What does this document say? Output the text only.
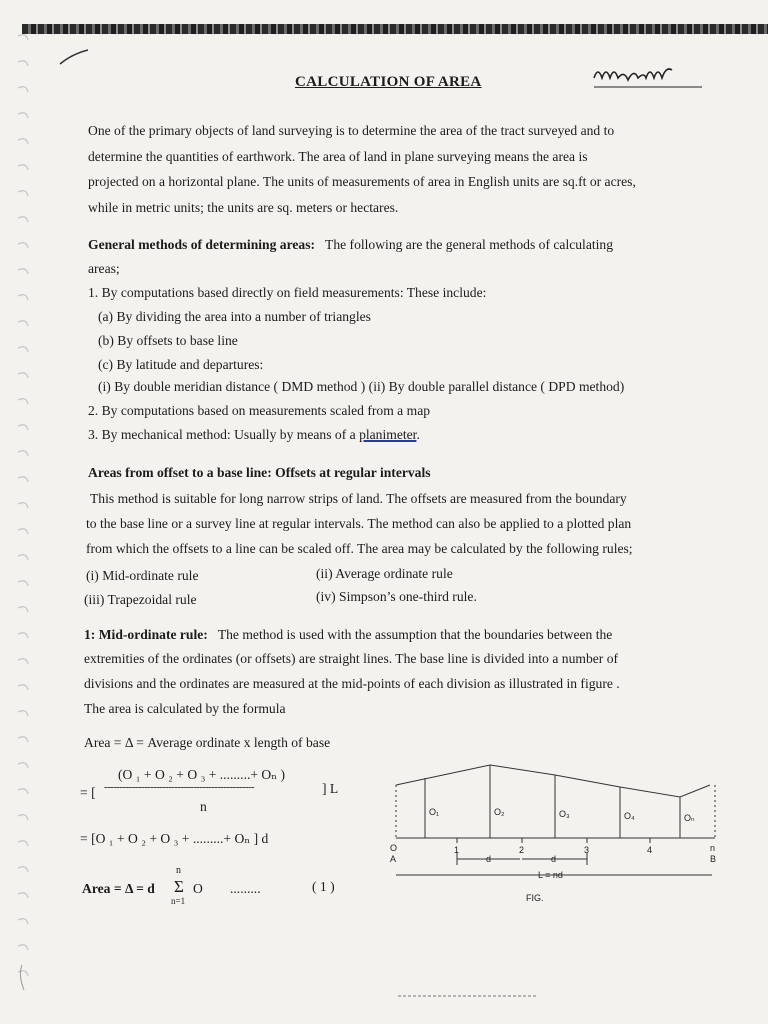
CALCULATION OF AREA
One of the primary objects of land surveying is to determine the area of the tract surveyed and to
determine the quantities of earthwork. The area of land in plane surveying means the area is
projected on a horizontal plane. The units of measurements of area in English units are sq.ft or acres,
while in metric units; the units are sq. meters or hectares.
General methods of determining areas: The following are the general methods of calculating
areas;
1. By computations based directly on field measurements: These include:
(a) By dividing the area into a number of triangles
(b) By offsets to base line
(c) By latitude and departures:
(i) By double meridian distance ( DMD method ) (ii) By double parallel distance ( DPD method)
2. By computations based on measurements scaled from a map
3. By mechanical method: Usually by means of a planimeter.
Areas from offset to a base line: Offsets at regular intervals
This method is suitable for long narrow strips of land. The offsets are measured from the boundary
to the base line or a survey line at regular intervals. The method can also be applied to a plotted plan
from which the offsets to a line can be scaled off. The area may be calculated by the following rules;
(i) Mid-ordinate rule	(ii) Average ordinate rule
(iii) Trapezoidal rule	(iv) Simpson’s one-third rule.
1: Mid-ordinate rule: The method is used with the assumption that the boundaries between the
extremities of the ordinates (or offsets) are straight lines. The base line is divided into a number of
divisions and the ordinates are measured at the mid-points of each division as illustrated in figure .
The area is calculated by the formula
Area = Δ = Average ordinate x length of base
(O ₁ + O ₂ + O ₃ + .........+ Oₙ )
= [ -------------------------------------------------	] L
n
= [O ₁ + O ₂ + O ₃ + .........+ Oₙ ] d
Area = Δ = d Σ
n
n=1
O .........	( 1 )
O₁	O₂	O₃	O₄	Oₙ
1	2	3	4
O
A
n
B
d	d
L = nd
FIG.
